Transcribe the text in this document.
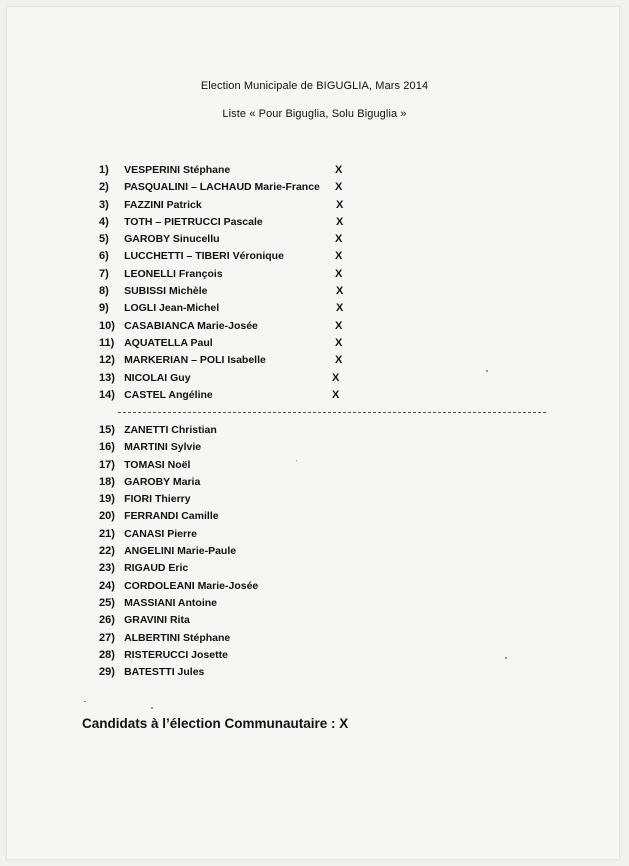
Election Municipale de BIGUGLIA, Mars 2014
Liste « Pour Biguglia, Solu Biguglia »
1) VESPERINI Stéphane	X
2) PASQUALINI – LACHAUD Marie-France X
3) FAZZINI Patrick	X
4) TOTH – PIETRUCCI Pascale	X
5) GAROBY Sinucellu	X
6) LUCCHETTI – TIBERI Véronique	X
7) LEONELLI François	X
8) SUBISSI Michèle	X
9) LOGLI Jean-Michel	X
10) CASABIANCA Marie-Josée	X
11) AQUATELLA Paul	X
12) MARKERIAN – POLI Isabelle	X
13) NICOLAI Guy	X
14) CASTEL Angéline	X
15) ZANETTI Christian
16) MARTINI Sylvie
17) TOMASI Noël
18) GAROBY Maria
19) FIORI Thierry
20) FERRANDI Camille
21) CANASI Pierre
22) ANGELINI Marie-Paule
23) RIGAUD Eric
24) CORDOLEANI Marie-Josée
25) MASSIANI Antoine
26) GRAVINI Rita
27) ALBERTINI Stéphane
28) RISTERUCCI Josette
29) BATESTTI Jules
Candidats à l’élection Communautaire : X
